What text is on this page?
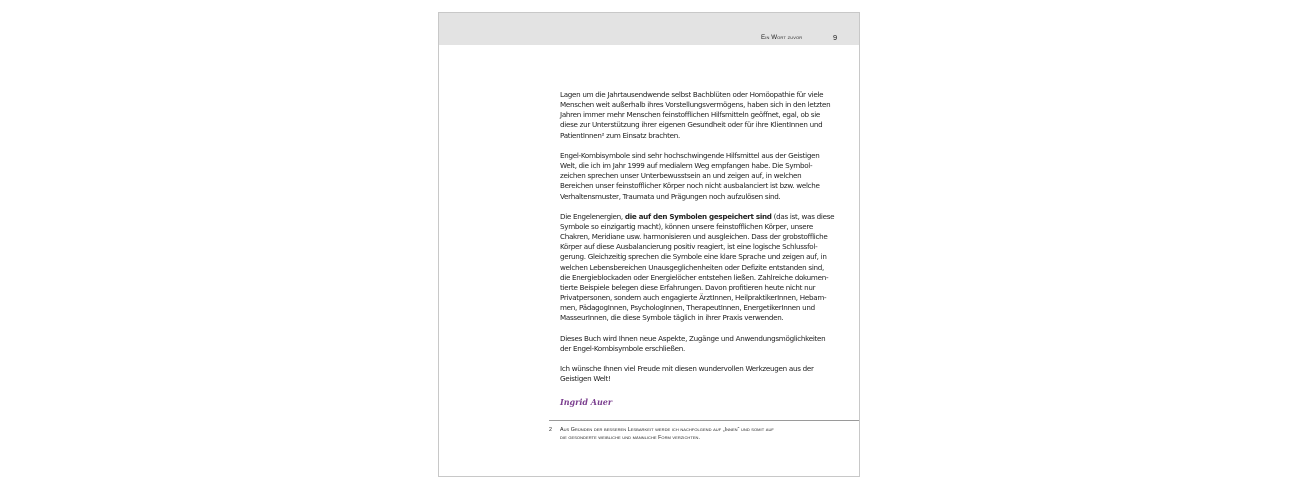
Ein Wort zuvor	9

Lagen um die Jahrtausendwende selbst Bachblüten oder Homöopathie für viele
Menschen weit außerhalb ihres Vorstellungsvermögens, haben sich in den letzten
Jahren immer mehr Menschen feinstofflichen Hilfsmitteln geöffnet, egal, ob sie
diese zur Unterstützung ihrer eigenen Gesundheit oder für ihre KlientInnen und
PatientInnen² zum Einsatz brachten.

Engel-Kombisymbole sind sehr hochschwingende Hilfsmittel aus der Geistigen
Welt, die ich im Jahr 1999 auf medialem Weg empfangen habe. Die Symbol-
zeichen sprechen unser Unterbewusstsein an und zeigen auf, in welchen
Bereichen unser feinstofflicher Körper noch nicht ausbalanciert ist bzw. welche
Verhaltensmuster, Traumata und Prägungen noch aufzulösen sind.

Die Engelenergien, die auf den Symbolen gespeichert sind (das ist, was diese
Symbole so einzigartig macht), können unsere feinstofflichen Körper, unsere
Chakren, Meridiane usw. harmonisieren und ausgleichen. Dass der grobstoffliche
Körper auf diese Ausbalancierung positiv reagiert, ist eine logische Schlussfol-
gerung. Gleichzeitig sprechen die Symbole eine klare Sprache und zeigen auf, in
welchen Lebensbereichen Unausgeglichenheiten oder Defizite entstanden sind,
die Energieblockaden oder Energielöcher entstehen ließen. Zahlreiche dokumen-
tierte Beispiele belegen diese Erfahrungen. Davon profitieren heute nicht nur
Privatpersonen, sondern auch engagierte ÄrztInnen, HeilpraktikerInnen, Hebam-
men, PädagogInnen, PsychologInnen, TherapeutInnen, EnergetikerInnen und
MasseurInnen, die diese Symbole täglich in ihrer Praxis verwenden.

Dieses Buch wird Ihnen neue Aspekte, Zugänge und Anwendungsmöglichkeiten
der Engel-Kombisymbole erschließen.

Ich wünsche Ihnen viel Freude mit diesen wundervollen Werkzeugen aus der
Geistigen Welt!

Ingrid Auer
2 Aus Gründen der besseren Lesbarkeit werde ich nachfolgend auf „Innen“ und somit auf
die gesonderte weibliche und männliche Form verzichten.
